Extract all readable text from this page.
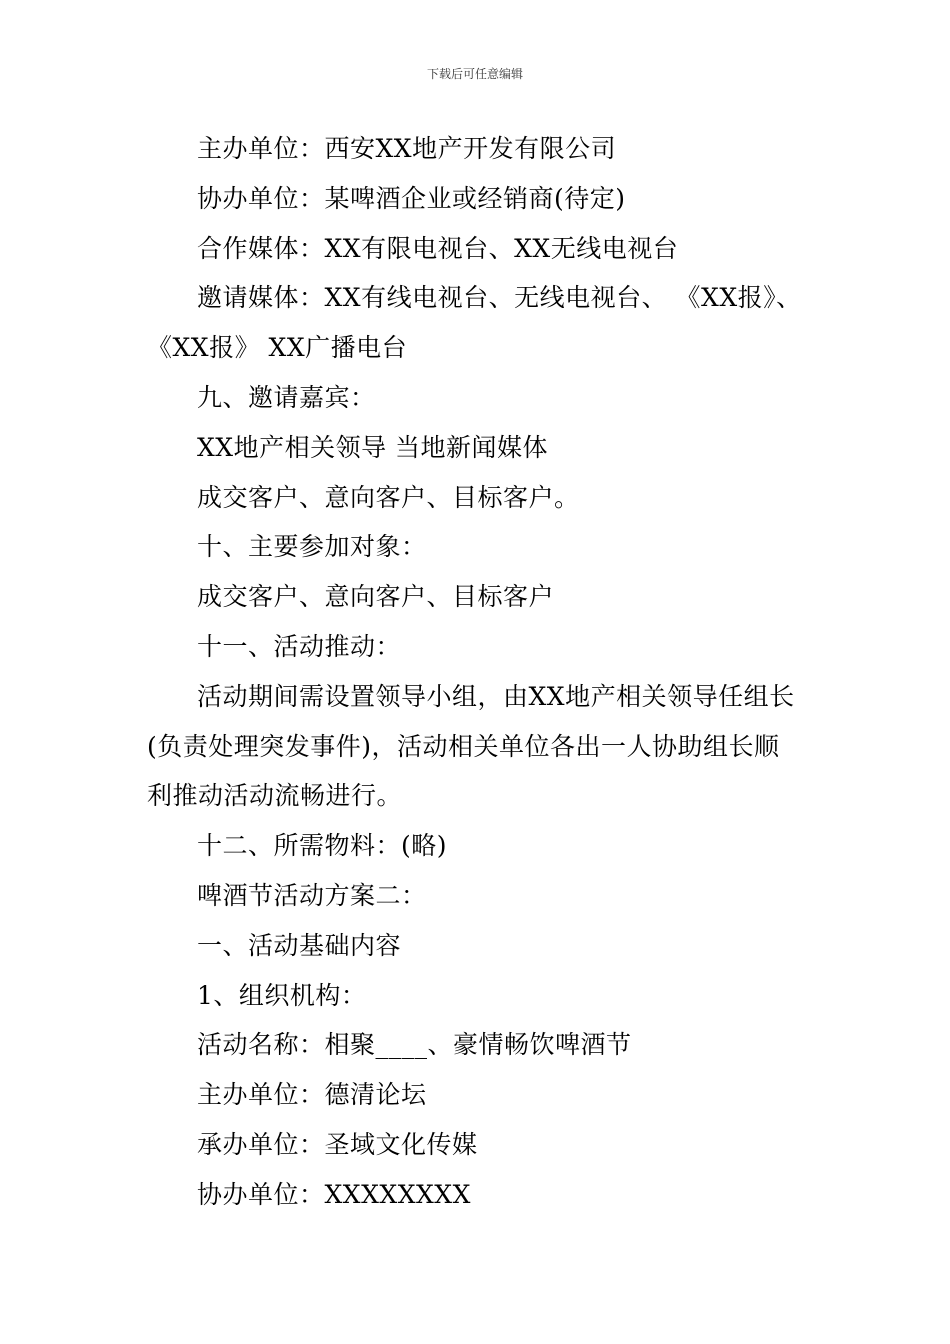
下载后可任意编辑
主办单位：西安XX地产开发有限公司
协办单位：某啤酒企业或经销商(待定)
合作媒体：XX有限电视台、XX无线电视台
邀请媒体：XX有线电视台、无线电视台、 《XX报》、
《XX报》 XX广播电台
九、邀请嘉宾：
XX地产相关领导 当地新闻媒体
成交客户、意向客户、目标客户。
十、主要参加对象：
成交客户、意向客户、目标客户
十一、活动推动：
活动期间需设置领导小组，由XX地产相关领导任组长
(负责处理突发事件)，活动相关单位各出一人协助组长顺
利推动活动流畅进行。
十二、所需物料：(略)
啤酒节活动方案二：
一、活动基础内容
1、组织机构：
活动名称：相聚____、豪情畅饮啤酒节
主办单位：德清论坛
承办单位：圣域文化传媒
协办单位：XXXXXXXX
